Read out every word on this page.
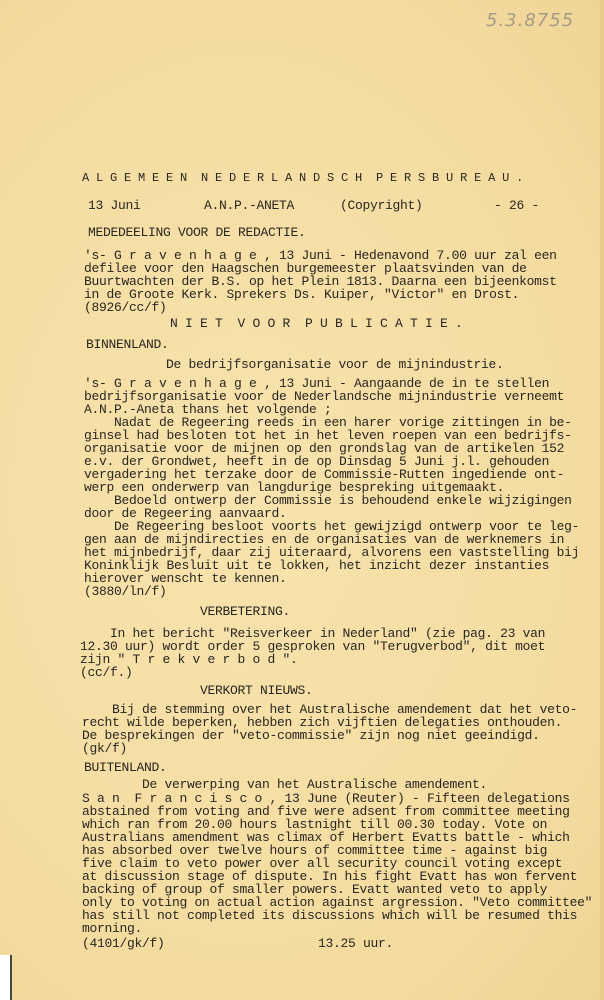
5.3.8755
A L G E M E E N  N E D E R L A N D S C H  P E R S B U R E A U .
13 Juni	A.N.P.-ANETA	(Copyright)	- 26 -
MEDEDEELING VOOR DE REDACTIE.
's- G r a v e n h a g e , 13 Juni - Hedenavond 7.00 uur zal een
defilee voor den Haagschen burgemeester plaatsvinden van de
Buurtwachten der B.S. op het Plein 1813. Daarna een bijeenkomst
in de Groote Kerk. Sprekers Ds. Kuiper, "Victor" en Drost.
(8926/cc/f)
N I E T  V O O R  P U B L I C A T I E .
BINNENLAND.
De bedrijfsorganisatie voor de mijnindustrie.
's- G r a v e n h a g e , 13 Juni - Aangaande de in te stellen
bedrijfsorganisatie voor de Nederlandsche mijnindustrie verneemt
A.N.P.-Aneta thans het volgende ;
Nadat de Regeering reeds in een harer vorige zittingen in be-
ginsel had besloten tot het in het leven roepen van een bedrijfs-
organisatie voor de mijnen op den grondslag van de artikelen 152
e.v. der Grondwet, heeft in de op Dinsdag 5 Juni j.l. gehouden
vergadering het terzake door de Commissie-Rutten ingediende ont-
werp een onderwerp van langdurige bespreking uitgemaakt.
Bedoeld ontwerp der Commissie is behoudend enkele wijzigingen
door de Regeering aanvaard.
De Regeering besloot voorts het gewijzigd ontwerp voor te leg-
gen aan de mijndirecties en de organisaties van de werknemers in
het mijnbedrijf, daar zij uiteraard, alvorens een vaststelling bij
Koninklijk Besluit uit te lokken, het inzicht dezer instanties
hierover wenscht te kennen.
(3880/ln/f)
VERBETERING.
In het bericht "Reisverkeer in Nederland" (zie pag. 23 van
12.30 uur) wordt order 5 gesproken van "Terugverbod", dit moet
zijn " T r e k v e r b o d ".
(cc/f.)
VERKORT NIEUWS.
Bij de stemming over het Australische amendement dat het veto-
recht wilde beperken, hebben zich vijftien delegaties onthouden.
De besprekingen der "veto-commissie" zijn nog niet geeindigd.
(gk/f)
BUITENLAND.
De verwerping van het Australische amendement.
S a n  F r a n c i s c o , 13 June (Reuter) - Fifteen delegations
abstained from voting and five were adsent from committee meeting
which ran from 20.00 hours lastnight till 00.30 today. Vote on
Australians amendment was climax of Herbert Evatts battle - which
has absorbed over twelve hours of committee time - against big
five claim to veto power over all security council voting except
at discussion stage of dispute. In his fight Evatt has won fervent
backing of group of smaller powers. Evatt wanted veto to apply
only to voting on actual action against argression. "Veto committee"
has still not completed its discussions which will be resumed this
morning.
(4101/gk/f)	13.25 uur.
